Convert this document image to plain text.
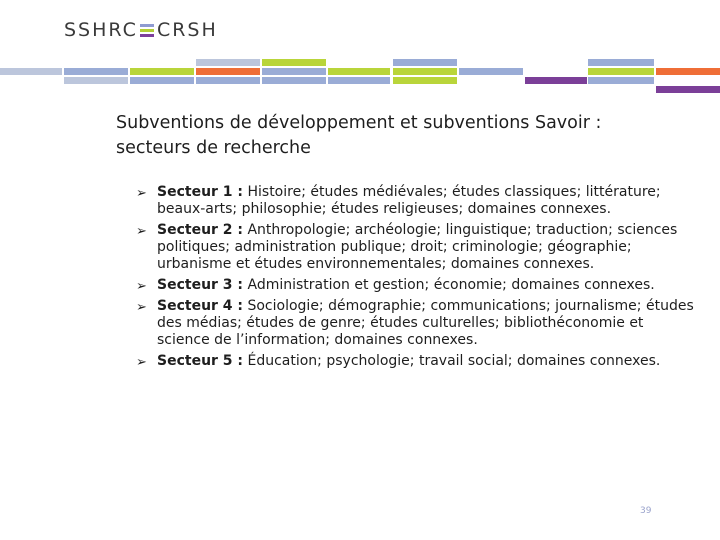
SSHRC CRSH
Subventions de développement et subventions Savoir :
secteurs de recherche
➢ Secteur 1 : Histoire; études médiévales; études classiques; littérature; beaux-arts; philosophie; études religieuses; domaines connexes.
➢ Secteur 2 : Anthropologie; archéologie; linguistique; traduction; sciences politiques; administration publique; droit; criminologie; géographie; urbanisme et études environnementales; domaines connexes.
➢ Secteur 3 : Administration et gestion; économie; domaines connexes.
➢ Secteur 4 : Sociologie; démographie; communications; journalisme; études des médias; études de genre; études culturelles; bibliothéconomie et science de l’information; domaines connexes.
➢ Secteur 5 : Éducation; psychologie; travail social; domaines connexes.
39
